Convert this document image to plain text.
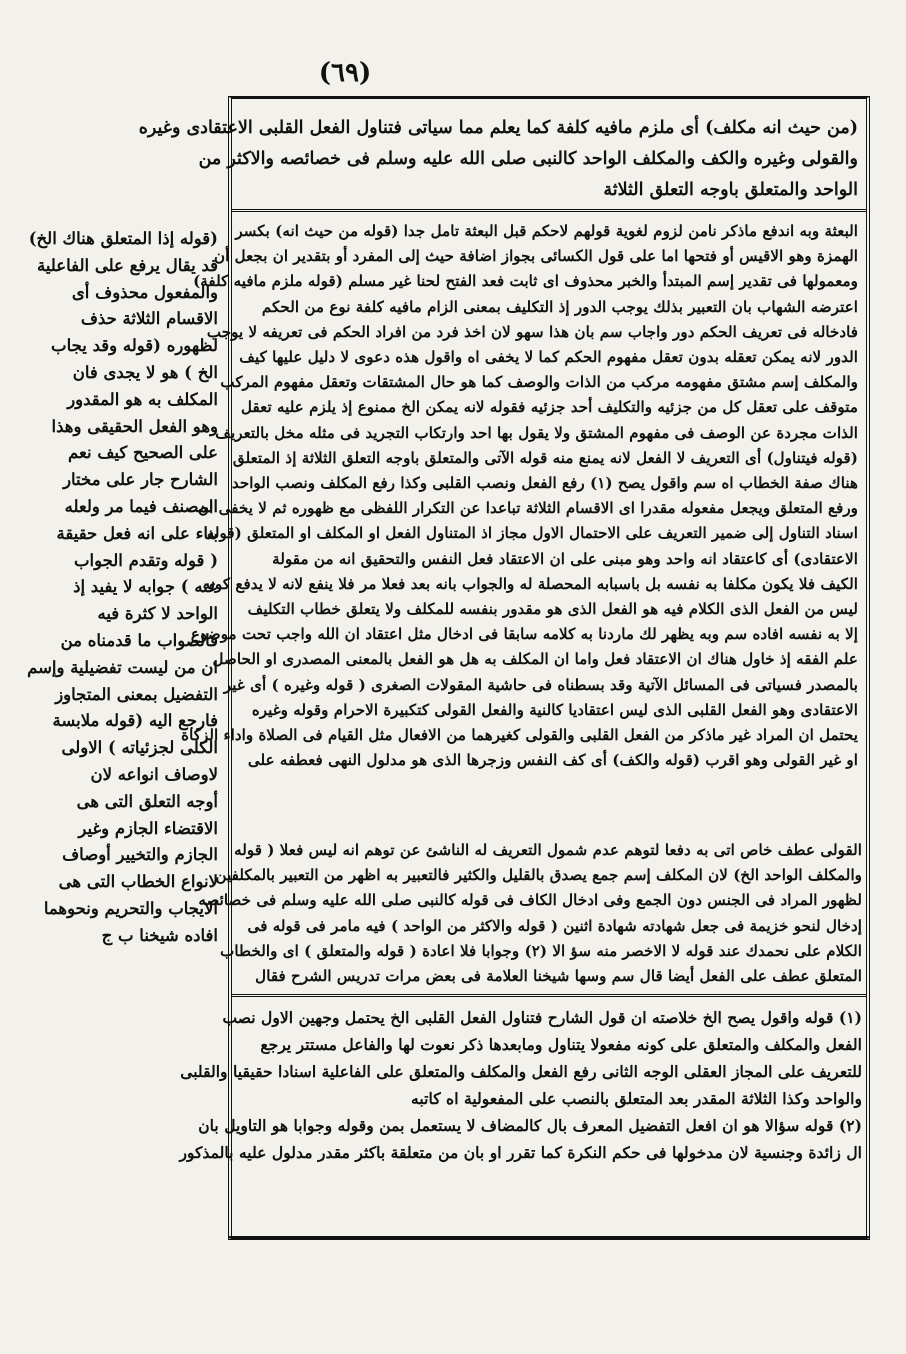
(٦٩)
(قوله إذا المتعلق هناك الخ)
قد يقال يرفع على الفاعلية
والمفعول محذوف أى
الاقسام الثلاثة حذف
لظهوره (قوله وقد يجاب
الخ ) هو لا يجدى فان
المكلف به هو المقدور
وهو الفعل الحقيقى وهذا
على الصحيح كيف نعم
الشارح جار على مختار
المصنف فيما مر ولعله
بناء على انه فعل حقيقة
( قوله وتقدم الجواب
عنه ) جوابه لا يفيد إذ
الواحد لا كثرة فيه
فالصواب ما قدمناه من
ان من ليست تفضيلية وإسم
التفضيل بمعنى المتجاوز
فارجع اليه (قوله ملابسة
الكلى لجزئياته ) الاولى
لاوصاف انواعه لان
أوجه التعلق التى هى
الاقتضاء الجازم وغير
الجازم والتخيير أوصاف
لانواع الخطاب التى هى
الايجاب والتحريم ونحوهما
افاده شيخنا ب ج
(من حيث انه مكلف) أى ملزم مافيه كلفة كما يعلم مما سياتى فتناول الفعل القلبى الاعتقادى وغيره
والقولى وغيره والكف والمكلف الواحد كالنبى صلى الله عليه وسلم فى خصائصه والاكثر من
الواحد والمتعلق باوجه التعلق الثلاثة
البعثة وبه اندفع ماذكر نامن لزوم لغوية قولهم لاحكم قبل البعثة تامل جدا (قوله من حيث انه) بكسر
الهمزة وهو الاقيس أو فتحها اما على قول الكسائى بجواز اضافة حيث إلى المفرد أو بتقدير ان بجعل أن
ومعمولها فى تقدير إسم المبتدأ والخبر محذوف اى ثابت فعد الفتح لحنا غير مسلم (قوله ملزم مافيه كلفة)
اعترضه الشهاب بان التعبير بذلك يوجب الدور إذ التكليف بمعنى الزام مافيه كلفة نوع من الحكم
فادخاله فى تعريف الحكم دور واجاب سم بان هذا سهو لان اخذ فرد من افراد الحكم فى تعريفه لا يوجب
الدور لانه يمكن تعقله بدون تعقل مفهوم الحكم كما لا يخفى اه واقول هذه دعوى لا دليل عليها كيف
والمكلف إسم مشتق مفهومه مركب من الذات والوصف كما هو حال المشتقات وتعقل مفهوم المركب
متوقف على تعقل كل من جزئيه والتكليف أحد جزئيه فقوله لانه يمكن الخ ممنوع إذ يلزم عليه تعقل
الذات مجردة عن الوصف فى مفهوم المشتق ولا يقول بها احد وارتكاب التجريد فى مثله مخل بالتعريف
(قوله فيتناول) أى التعريف لا الفعل لانه يمنع منه قوله الآتى والمتعلق باوجه التعلق الثلاثة إذ المتعلق
هناك صفة الخطاب اه سم واقول يصح (١) رفع الفعل ونصب القلبى وكذا رفع المكلف ونصب الواحد
ورفع المتعلق ويجعل مفعوله مقدرا اى الاقسام الثلاثة تباعدا عن التكرار اللفظى مع ظهوره ثم لا يخفى ان
اسناد التناول إلى ضمير التعريف على الاحتمال الاول مجاز اذ المتناول الفعل او المكلف او المتعلق (قوله
الاعتقادى) أى كاعتقاد انه واحد وهو مبنى على ان الاعتقاد فعل النفس والتحقيق انه من مقولة
الكيف فلا يكون مكلفا به نفسه بل باسبابه المحصلة له والجواب بانه بعد فعلا مر فلا ينفع لانه لا يدفع كونه
ليس من الفعل الذى الكلام فيه هو الفعل الذى هو مقدور بنفسه للمكلف ولا يتعلق خطاب التكليف
إلا به نفسه افاده سم وبه يظهر لك ماردنا به كلامه سابقا فى ادخال مثل اعتقاد ان الله واجب تحت موضوع
علم الفقه إذ خاول هناك ان الاعتقاد فعل واما ان المكلف به هل هو الفعل بالمعنى المصدرى او الحاصل
بالمصدر فسياتى فى المسائل الآتية وقد بسطناه فى حاشية المقولات الصغرى ( قوله وغيره ) أى غير
الاعتقادى وهو الفعل القلبى الذى ليس اعتقاديا كالنية والفعل القولى كتكبيرة الاحرام وقوله وغيره
يحتمل ان المراد غير ماذكر من الفعل القلبى والقولى كغيرهما من الافعال مثل القيام فى الصلاة واداء الزكاة
او غير القولى وهو اقرب (قوله والكف) أى كف النفس وزجرها الذى هو مدلول النهى فعطفه على
القولى عطف خاص اتى به دفعا لتوهم عدم شمول التعريف له الناشئ عن توهم انه ليس فعلا ( قوله
والمكلف الواحد الخ) لان المكلف إسم جمع يصدق بالقليل والكثير فالتعبير به اظهر من التعبير بالمكلفين
لظهور المراد فى الجنس دون الجمع وفى ادخال الكاف فى قوله كالنبى صلى الله عليه وسلم فى خصائصه
إدخال لنحو خزيمة فى جعل شهادته شهادة اثنين ( قوله والاكثر من الواحد ) فيه مامر فى قوله فى
الكلام على نحمدك عند قوله لا الاخصر منه سؤ الا (٢) وجوابا فلا اعادة ( قوله والمتعلق ) اى والخطاب
المتعلق عطف على الفعل أيضا قال سم وسها شيخنا العلامة فى بعض مرات تدريس الشرح فقال
(١) قوله واقول يصح الخ خلاصته ان قول الشارح فتناول الفعل القلبى الخ يحتمل وجهين الاول نصب
الفعل والمكلف والمتعلق على كونه مفعولا يتناول ومابعدها ذكر نعوت لها والفاعل مستتر يرجع
للتعريف على المجاز العقلى الوجه الثانى رفع الفعل والمكلف والمتعلق على الفاعلية اسنادا حقيقيا والقلبى
والواحد وكذا الثلاثة المقدر بعد المتعلق بالنصب على المفعولية اه كاتبه
(٢) قوله سؤالا هو ان افعل التفضيل المعرف بال كالمضاف لا يستعمل بمن وقوله وجوابا هو التاويل بان
ال زائدة وجنسية لان مدخولها فى حكم النكرة كما تقرر او بان من متعلقة باكثر مقدر مدلول عليه بالمذكور
